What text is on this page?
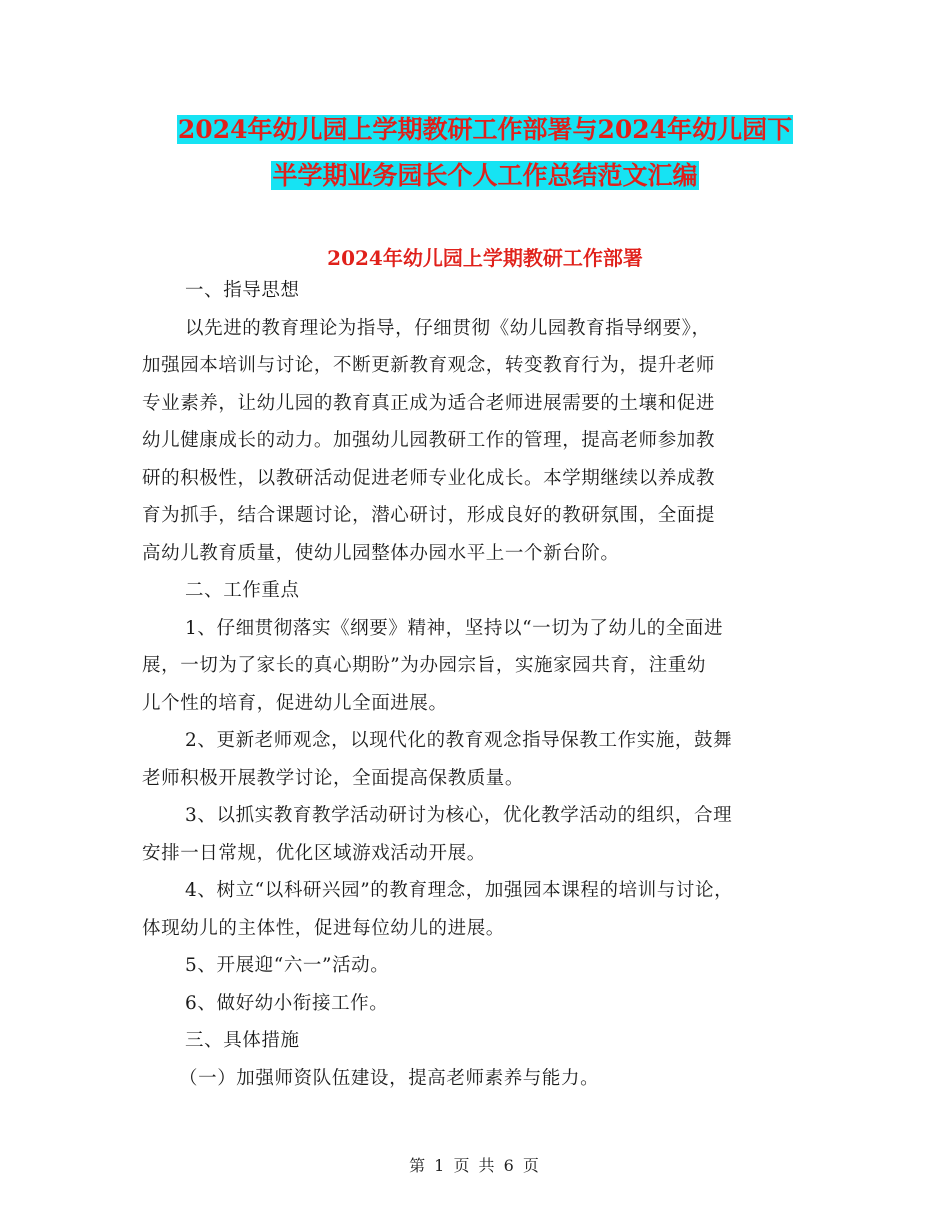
2024年幼儿园上学期教研工作部署与2024年幼儿园下
半学期业务园长个人工作总结范文汇编
2024年幼儿园上学期教研工作部署
一、指导思想
以先进的教育理论为指导，仔细贯彻《幼儿园教育指导纲要》，
加强园本培训与讨论，不断更新教育观念，转变教育行为，提升老师
专业素养，让幼儿园的教育真正成为适合老师进展需要的土壤和促进
幼儿健康成长的动力。加强幼儿园教研工作的管理，提高老师参加教
研的积极性，以教研活动促进老师专业化成长。本学期继续以养成教
育为抓手，结合课题讨论，潜心研讨，形成良好的教研氛围，全面提
高幼儿教育质量，使幼儿园整体办园水平上一个新台阶。
二、工作重点
1、仔细贯彻落实《纲要》精神，坚持以“一切为了幼儿的全面进
展，一切为了家长的真心期盼”为办园宗旨，实施家园共育，注重幼
儿个性的培育，促进幼儿全面进展。
2、更新老师观念，以现代化的教育观念指导保教工作实施，鼓舞
老师积极开展教学讨论，全面提高保教质量。
3、以抓实教育教学活动研讨为核心，优化教学活动的组织，合理
安排一日常规，优化区域游戏活动开展。
4、树立“以科研兴园”的教育理念，加强园本课程的培训与讨论，
体现幼儿的主体性，促进每位幼儿的进展。
5、开展迎“六一”活动。
6、做好幼小衔接工作。
三、具体措施
（一）加强师资队伍建设，提高老师素养与能力。
第 1 页 共 6 页
